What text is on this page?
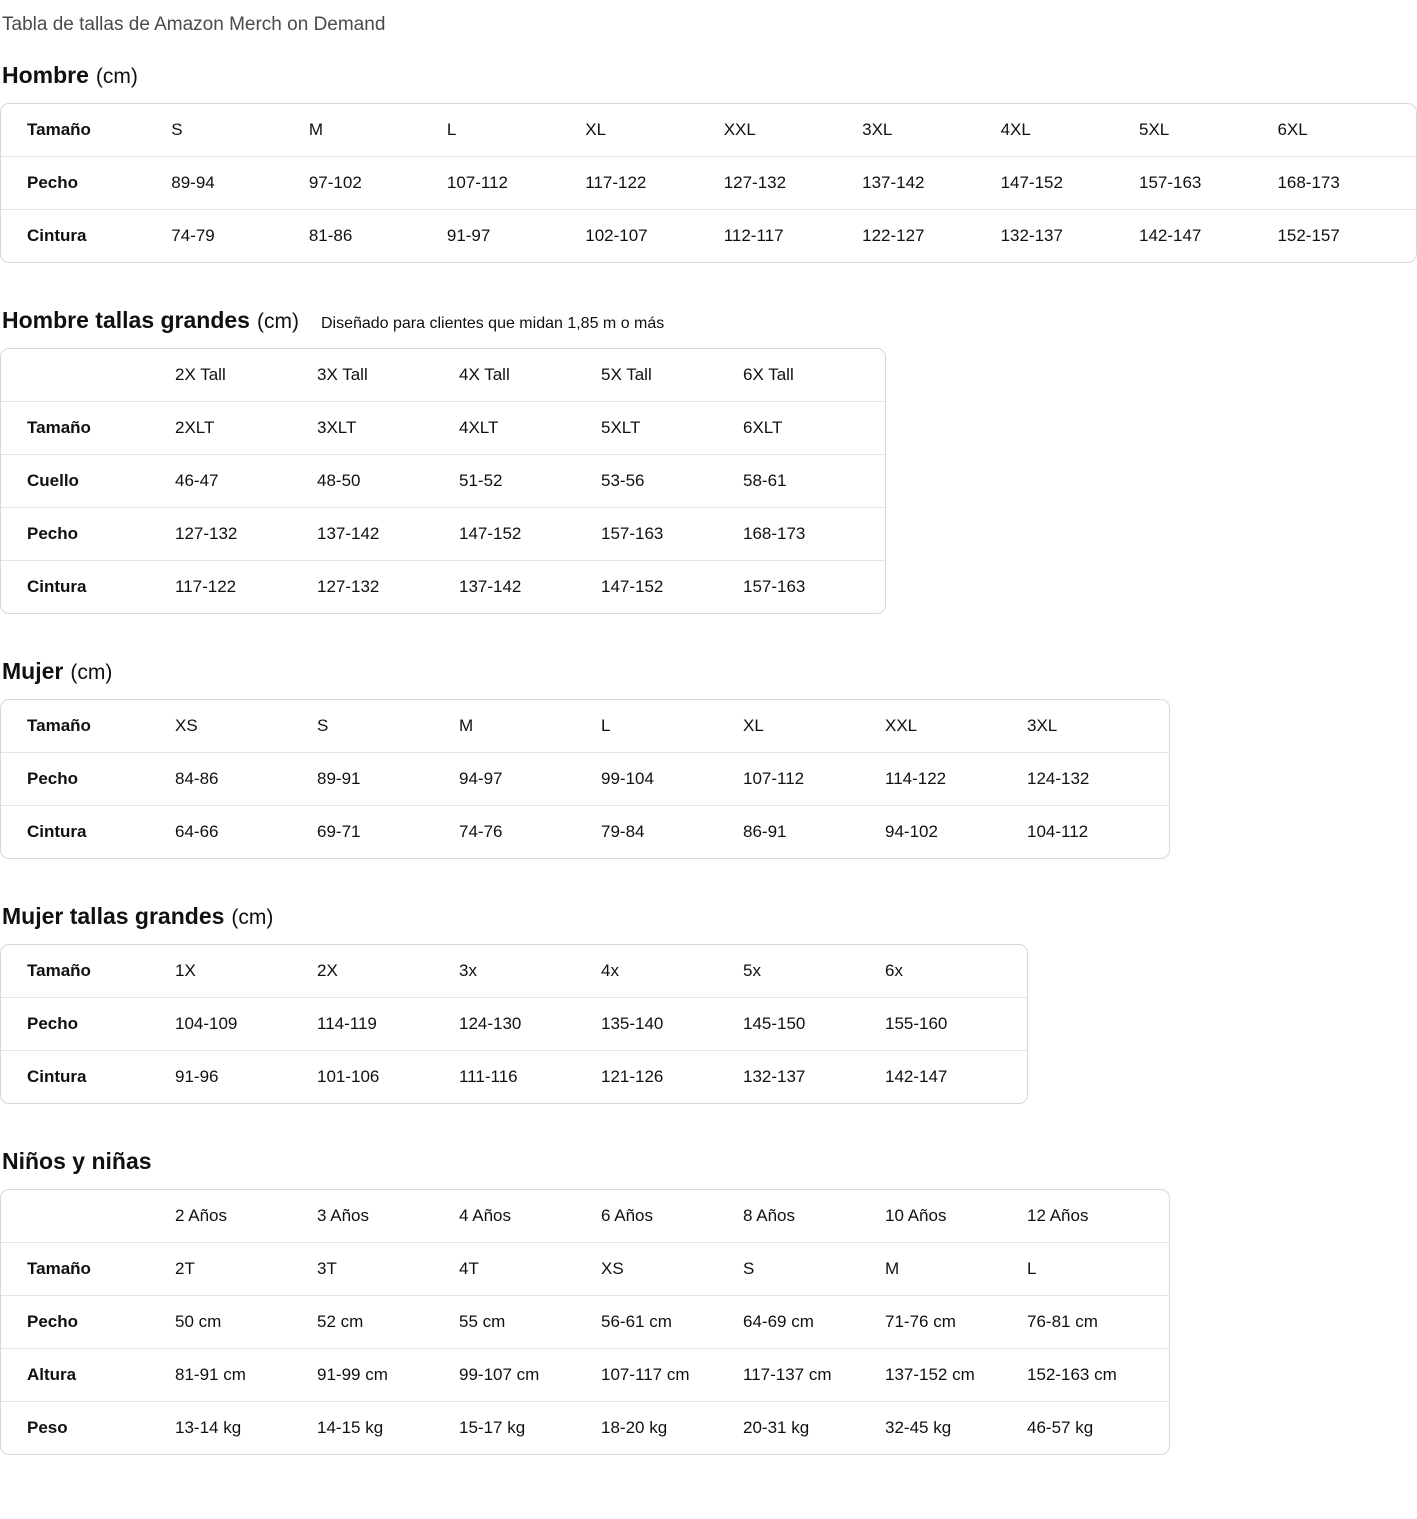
Tabla de tallas de Amazon Merch on Demand
Hombre (cm)
Tamaño	S	M	L	XL	XXL	3XL	4XL	5XL	6XL
Pecho	89-94	97-102	107-112	117-122	127-132	137-142	147-152	157-163	168-173
Cintura	74-79	81-86	91-97	102-107	112-117	122-127	132-137	142-147	152-157
Hombre tallas grandes (cm) Diseñado para clientes que midan 1,85 m o más
	2X Tall	3X Tall	4X Tall	5X Tall	6X Tall
Tamaño	2XLT	3XLT	4XLT	5XLT	6XLT
Cuello	46-47	48-50	51-52	53-56	58-61
Pecho	127-132	137-142	147-152	157-163	168-173
Cintura	117-122	127-132	137-142	147-152	157-163
Mujer (cm)
Tamaño	XS	S	M	L	XL	XXL	3XL
Pecho	84-86	89-91	94-97	99-104	107-112	114-122	124-132
Cintura	64-66	69-71	74-76	79-84	86-91	94-102	104-112
Mujer tallas grandes (cm)
Tamaño	1X	2X	3x	4x	5x	6x
Pecho	104-109	114-119	124-130	135-140	145-150	155-160
Cintura	91-96	101-106	111-116	121-126	132-137	142-147
Niños y niñas
	2 Años	3 Años	4 Años	6 Años	8 Años	10 Años	12 Años
Tamaño	2T	3T	4T	XS	S	M	L
Pecho	50 cm	52 cm	55 cm	56-61 cm	64-69 cm	71-76 cm	76-81 cm
Altura	81-91 cm	91-99 cm	99-107 cm	107-117 cm	117-137 cm	137-152 cm	152-163 cm
Peso	13-14 kg	14-15 kg	15-17 kg	18-20 kg	20-31 kg	32-45 kg	46-57 kg
